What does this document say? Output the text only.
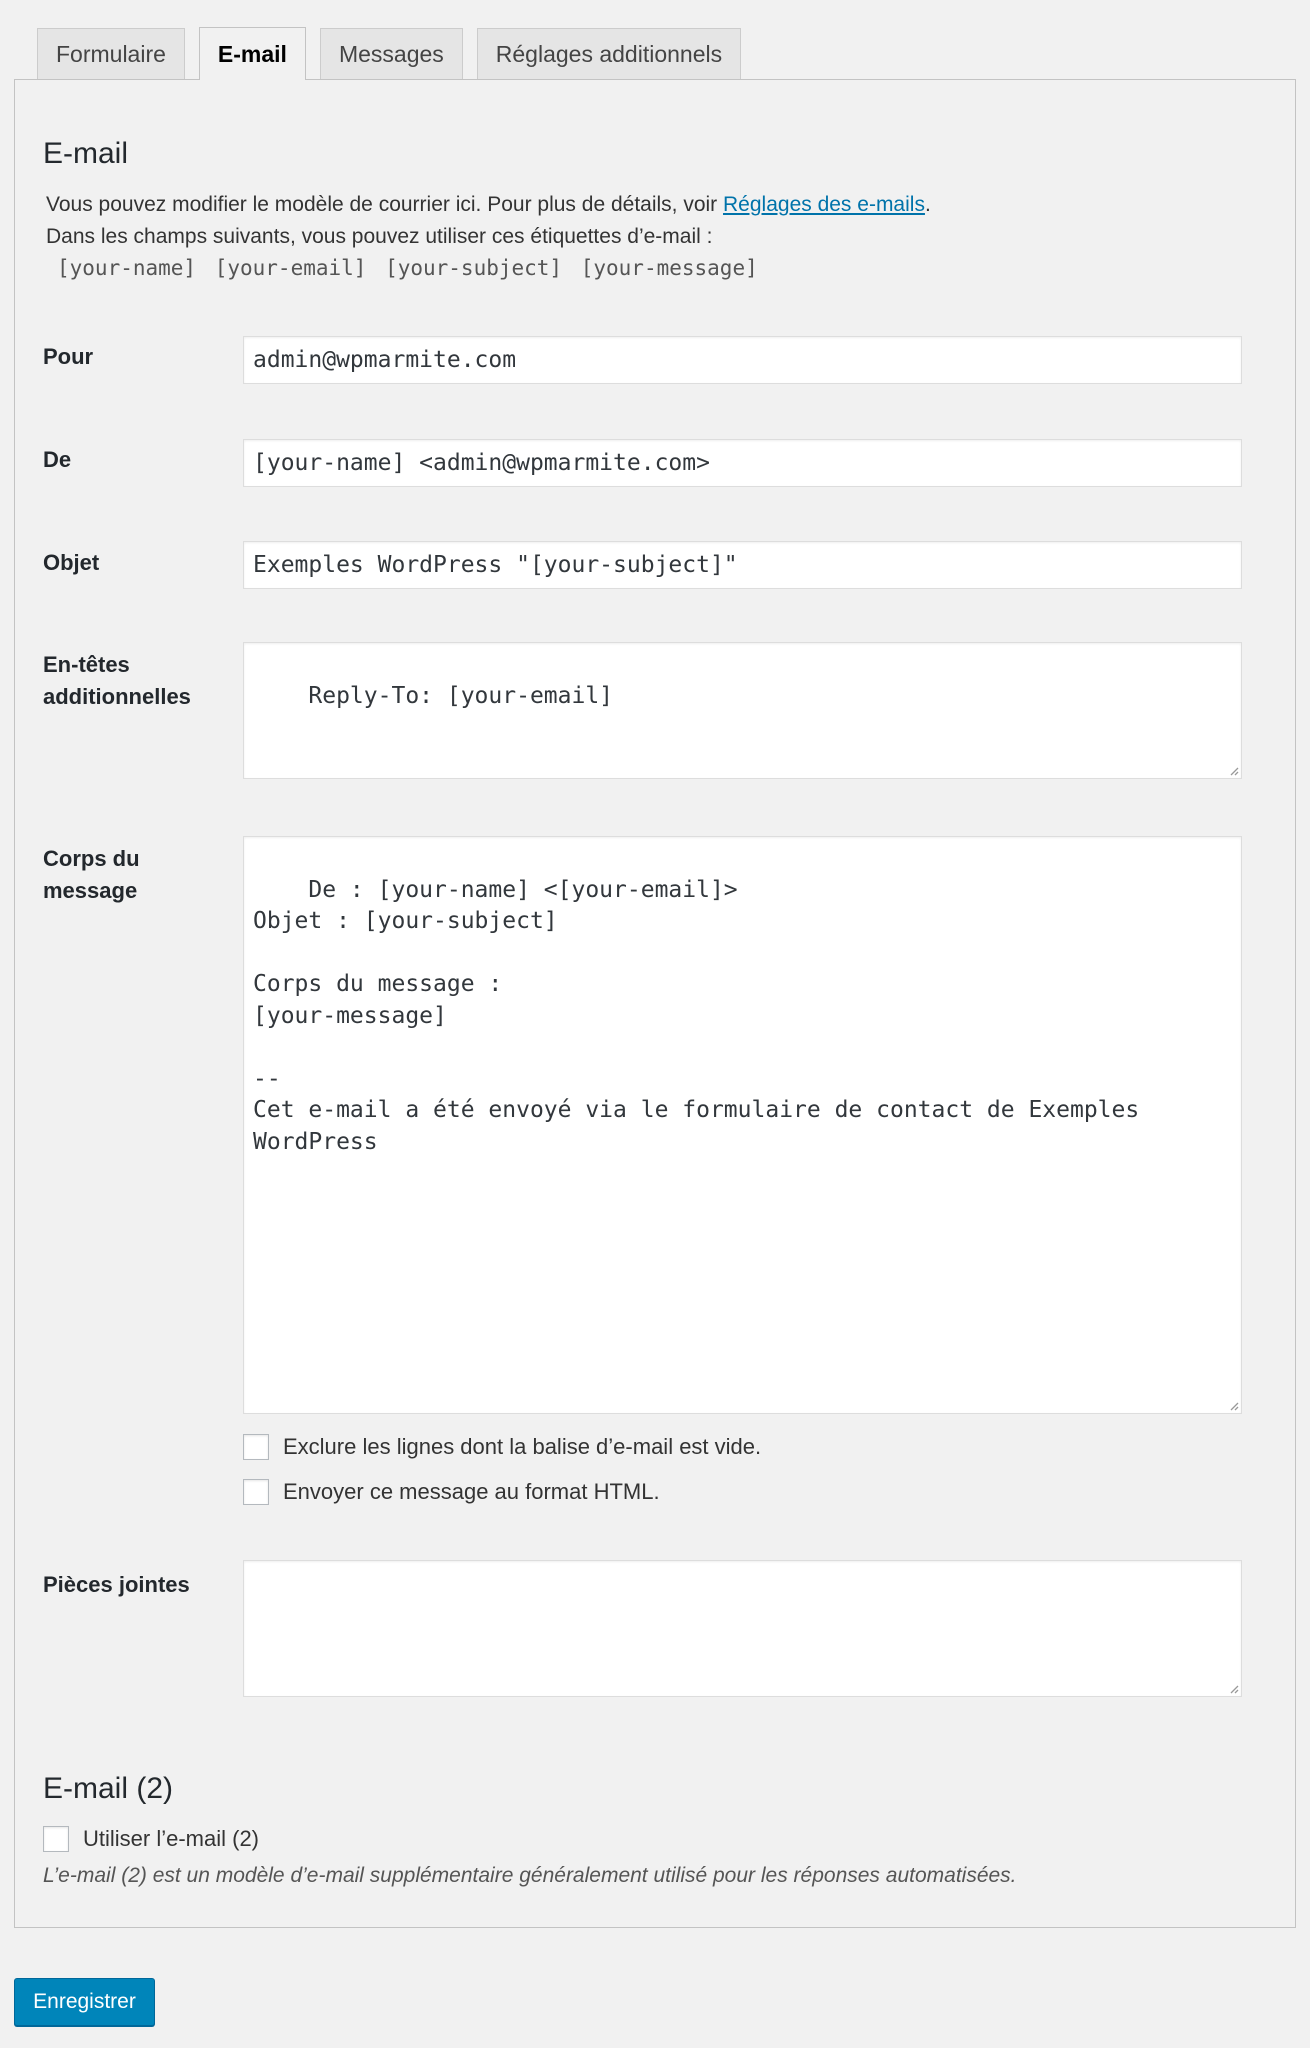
Formulaire	E-mail	Messages	Réglages additionnels
E-mail
Vous pouvez modifier le modèle de courrier ici. Pour plus de détails, voir Réglages des e-mails.
Dans les champs suivants, vous pouvez utiliser ces étiquettes d’e-mail :
[your-name] [your-email] [your-subject] [your-message]
Pour	admin@wpmarmite.com
De	[your-name] <admin@wpmarmite.com>
Objet	Exemples WordPress "[your-subject]"
En-têtes additionnelles	Reply-To: [your-email]

Corps du message	De : [your-name] <[your-email]>
Objet : [your-subject]

Corps du message :
[your-message]

--
Cet e-mail a été envoyé via le formulaire de contact de Exemples WordPress

Exclure les lignes dont la balise d’e-mail est vide.
Envoyer ce message au format HTML.
Pièces jointes

E-mail (2)
Utiliser l’e-mail (2)
L’e-mail (2) est un modèle d’e-mail supplémentaire généralement utilisé pour les réponses automatisées.
Enregistrer
